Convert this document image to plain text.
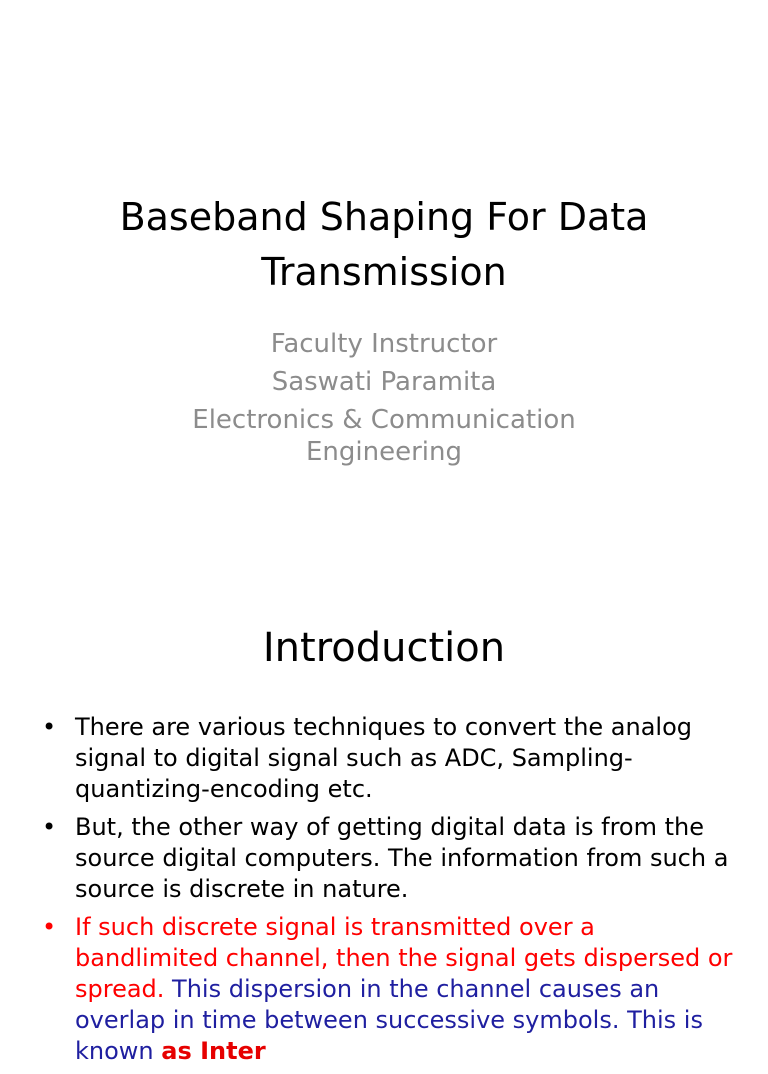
Baseband Shaping For Data
Transmission
Faculty Instructor
Saswati Paramita
Electronics & Communication
Engineering
Introduction
• There are various techniques to convert the analog signal to digital signal such as ADC, Sampling-quantizing-encoding etc.
• But, the other way of getting digital data is from the source digital computers. The information from such a source is discrete in nature.
• If such discrete signal is transmitted over a bandlimited channel, then the signal gets dispersed or spread. This dispersion in the channel causes an overlap in time between successive symbols. This is known as Inter
